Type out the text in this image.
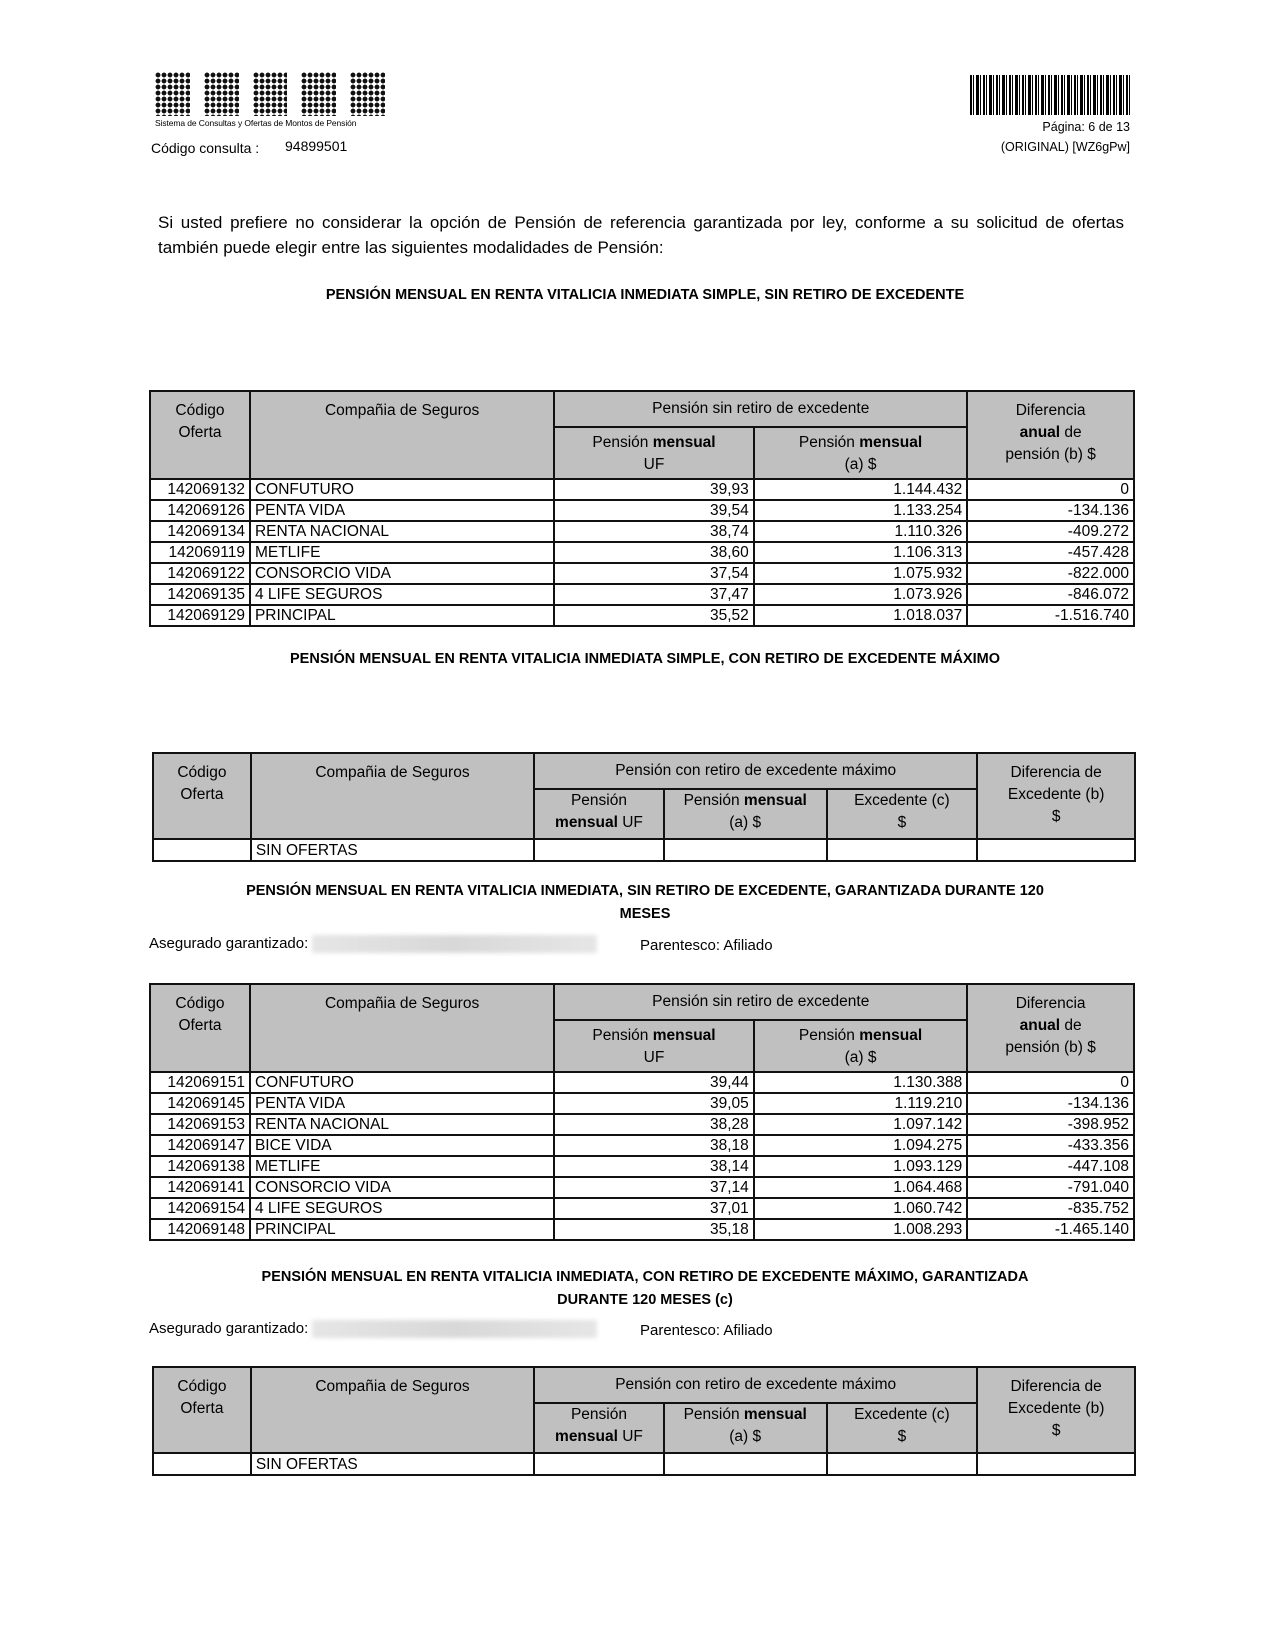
Sistema de Consultas y Ofertas de Montos de Pensión
Código consulta : 94899501
Página: 6 de 13
(ORIGINAL) [WZ6gPw]
Si usted prefiere no considerar la opción de Pensión de referencia garantizada por ley, conforme a su solicitud de ofertas también puede elegir entre las siguientes modalidades de Pensión:
PENSIÓN MENSUAL EN RENTA VITALICIA INMEDIATA SIMPLE, SIN RETIRO DE EXCEDENTE
Código Oferta	Compañia de Seguros	Pensión sin retiro de excedente		Diferencia
anual de
pensión (b) $
		Pensión mensual
UF	Pensión mensual
(a) $	
142069132	CONFUTURO	39,93	1.144.432	0
142069126	PENTA VIDA	39,54	1.133.254	-134.136
142069134	RENTA NACIONAL	38,74	1.110.326	-409.272
142069119	METLIFE	38,60	1.106.313	-457.428
142069122	CONSORCIO VIDA	37,54	1.075.932	-822.000
142069135	4 LIFE SEGUROS	37,47	1.073.926	-846.072
142069129	PRINCIPAL	35,52	1.018.037	-1.516.740
PENSIÓN MENSUAL EN RENTA VITALICIA INMEDIATA SIMPLE, CON RETIRO DE EXCEDENTE MÁXIMO
Código Oferta	Compañia de Seguros	Pensión con retiro de excedente máximo			Diferencia de
Excedente (b)
$
		Pensión
mensual UF	Pensión mensual
(a) $	Excedente (c)
$	
	SIN OFERTAS				
PENSIÓN MENSUAL EN RENTA VITALICIA INMEDIATA, SIN RETIRO DE EXCEDENTE, GARANTIZADA DURANTE 120
MESES
Asegurado garantizado:	Parentesco: Afiliado
Código Oferta	Compañia de Seguros	Pensión sin retiro de excedente		Diferencia
anual de
pensión (b) $
		Pensión mensual
UF	Pensión mensual
(a) $	
142069151	CONFUTURO	39,44	1.130.388	0
142069145	PENTA VIDA	39,05	1.119.210	-134.136
142069153	RENTA NACIONAL	38,28	1.097.142	-398.952
142069147	BICE VIDA	38,18	1.094.275	-433.356
142069138	METLIFE	38,14	1.093.129	-447.108
142069141	CONSORCIO VIDA	37,14	1.064.468	-791.040
142069154	4 LIFE SEGUROS	37,01	1.060.742	-835.752
142069148	PRINCIPAL	35,18	1.008.293	-1.465.140
PENSIÓN MENSUAL EN RENTA VITALICIA INMEDIATA, CON RETIRO DE EXCEDENTE MÁXIMO, GARANTIZADA
DURANTE 120 MESES (c)
Asegurado garantizado:	Parentesco: Afiliado
Código Oferta	Compañia de Seguros	Pensión con retiro de excedente máximo			Diferencia de
Excedente (b)
$
		Pensión
mensual UF	Pensión mensual
(a) $	Excedente (c)
$	
	SIN OFERTAS				
